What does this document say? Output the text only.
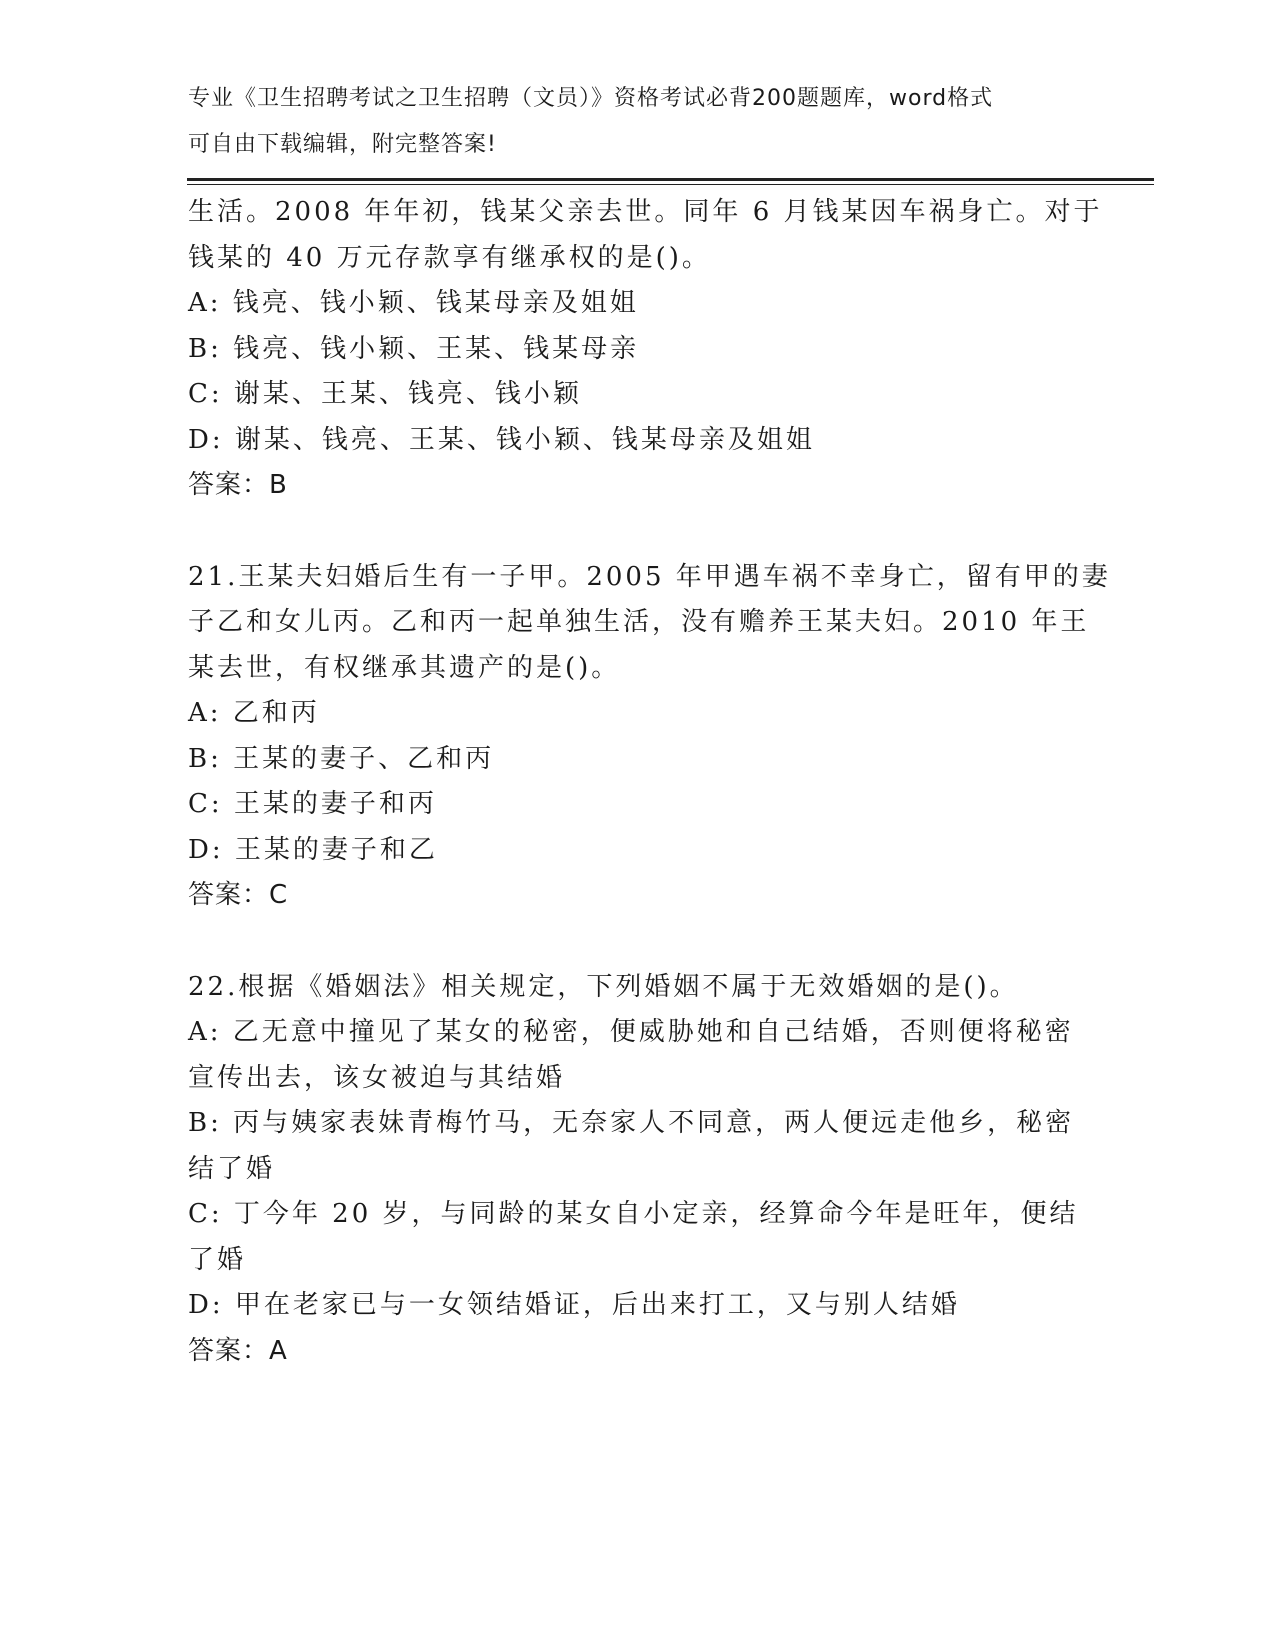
专业《卫生招聘考试之卫生招聘（文员）》资格考试必背200题题库，word格式
可自由下载编辑，附完整答案!
生活。2008 年年初，钱某父亲去世。同年 6 月钱某因车祸身亡。对于
钱某的 40 万元存款享有继承权的是()。
A: 钱亮、钱小颖、钱某母亲及姐姐
B: 钱亮、钱小颖、王某、钱某母亲
C: 谢某、王某、钱亮、钱小颖
D: 谢某、钱亮、王某、钱小颖、钱某母亲及姐姐
答案：B
21.王某夫妇婚后生有一子甲。2005 年甲遇车祸不幸身亡，留有甲的妻
子乙和女儿丙。乙和丙一起单独生活，没有赡养王某夫妇。2010 年王
某去世，有权继承其遗产的是()。
A: 乙和丙
B: 王某的妻子、乙和丙
C: 王某的妻子和丙
D: 王某的妻子和乙
答案：C
22.根据《婚姻法》相关规定，下列婚姻不属于无效婚姻的是()。
A: 乙无意中撞见了某女的秘密，便威胁她和自己结婚，否则便将秘密
宣传出去，该女被迫与其结婚
B: 丙与姨家表妹青梅竹马，无奈家人不同意，两人便远走他乡，秘密
结了婚
C: 丁今年 20 岁，与同龄的某女自小定亲，经算命今年是旺年，便结
了婚
D: 甲在老家已与一女领结婚证，后出来打工，又与别人结婚
答案：A
